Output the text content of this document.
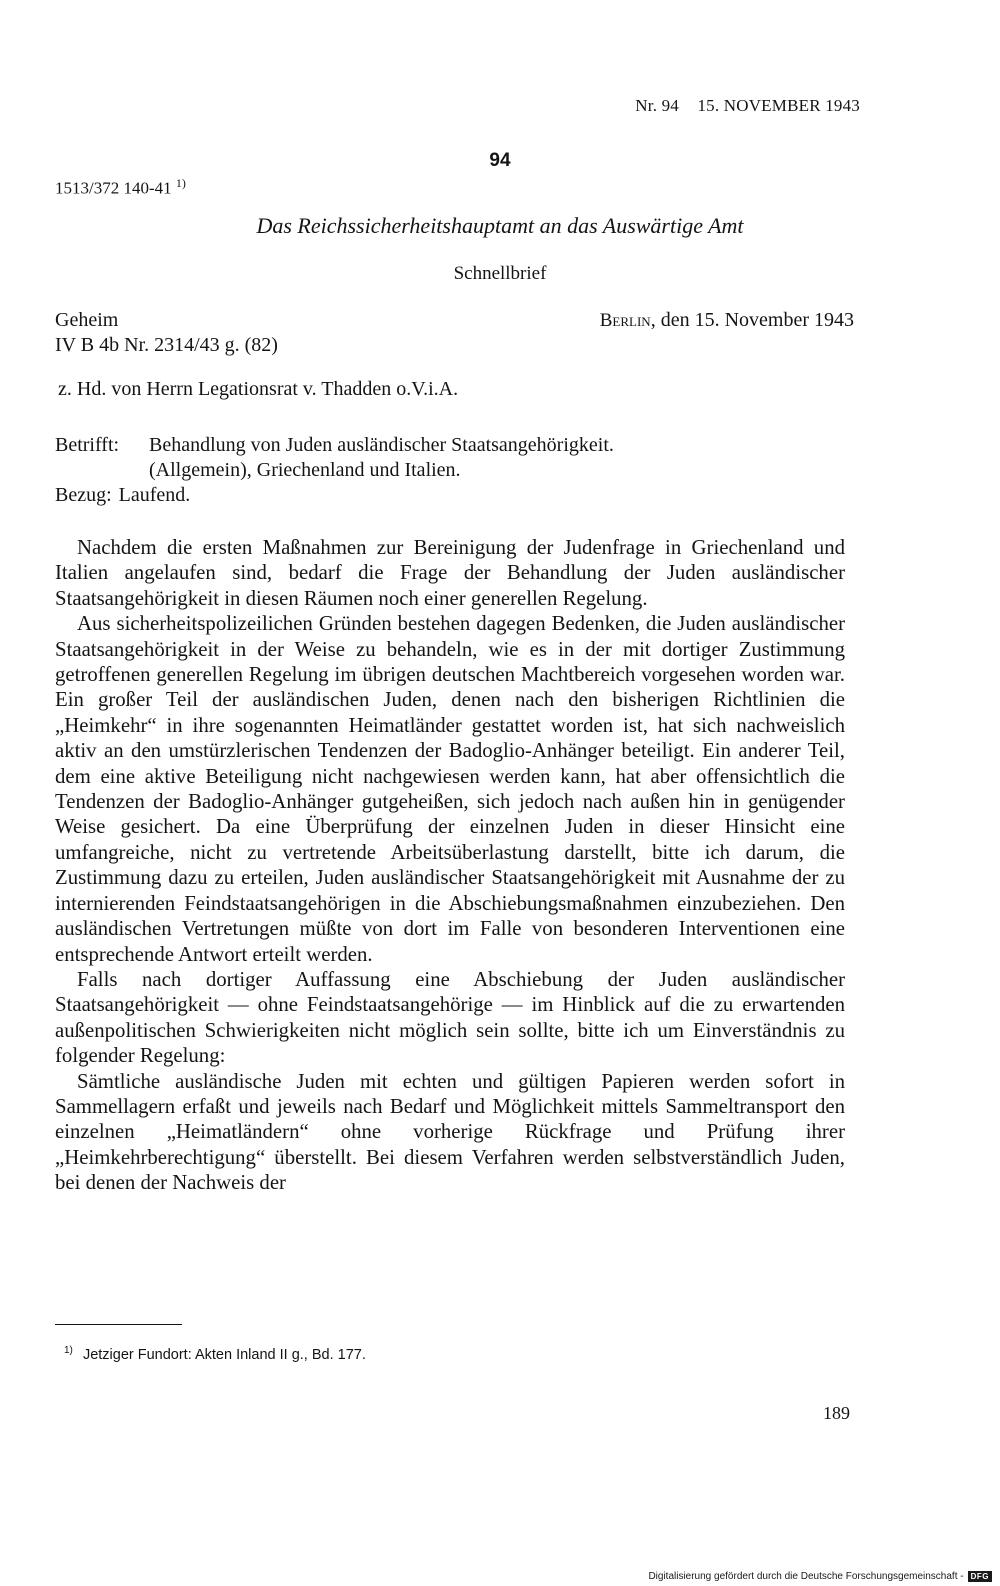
Nr. 94 15. NOVEMBER 1943
94
1513/372 140-41 $^{1)}$
Das Reichssicherheitshauptamt an das Auswärtige Amt
Schnellbrief
Geheim
IV B 4b Nr. 2314/43 g. (82)
Berlin, den 15. November 1943
z. Hd. von Herrn Legationsrat v. Thadden o.V.i.A.
Betrifft:	Behandlung von Juden ausländischer Staatsangehörigkeit.
(Allgemein), Griechenland und Italien.
Bezug: Laufend.

Nachdem die ersten Maßnahmen zur Bereinigung der Judenfrage in Griechenland und Italien angelaufen sind, bedarf die Frage der Behandlung der Juden ausländischer Staatsangehörigkeit in diesen Räumen noch einer generellen Regelung.

Aus sicherheitspolizeilichen Gründen bestehen dagegen Bedenken, die Juden ausländischer Staatsangehörigkeit in der Weise zu behandeln, wie es in der mit dortiger Zustimmung getroffenen generellen Regelung im übrigen deutschen Machtbereich vorgesehen worden war. Ein großer Teil der ausländischen Juden, denen nach den bisherigen Richtlinien die „Heimkehr“ in ihre sogenannten Heimatländer gestattet worden ist, hat sich nachweislich aktiv an den umstürzlerischen Tendenzen der Badoglio-Anhänger beteiligt. Ein anderer Teil, dem eine aktive Beteiligung nicht nachgewiesen werden kann, hat aber offensichtlich die Tendenzen der Badoglio-Anhänger gutgeheißen, sich jedoch nach außen hin in genügender Weise gesichert. Da eine Überprüfung der einzelnen Juden in dieser Hinsicht eine umfangreiche, nicht zu vertretende Arbeitsüberlastung darstellt, bitte ich darum, die Zustimmung dazu zu erteilen, Juden ausländischer Staatsangehörigkeit mit Ausnahme der zu internierenden Feindstaatsangehörigen in die Abschiebungsmaßnahmen einzubeziehen. Den ausländischen Vertretungen müßte von dort im Falle von besonderen Interventionen eine entsprechende Antwort erteilt werden.

Falls nach dortiger Auffassung eine Abschiebung der Juden ausländischer Staatsangehörigkeit — ohne Feindstaatsangehörige — im Hinblick auf die zu erwartenden außenpolitischen Schwierigkeiten nicht möglich sein sollte, bitte ich um Einverständnis zu folgender Regelung:

Sämtliche ausländische Juden mit echten und gültigen Papieren werden sofort in Sammellagern erfaßt und jeweils nach Bedarf und Möglichkeit mittels Sammeltransport den einzelnen „Heimatländern“ ohne vorherige Rückfrage und Prüfung ihrer „Heimkehrberechtigung“ überstellt. Bei diesem Verfahren werden selbstverständlich Juden, bei denen der Nachweis der

$^{1)}$ Jetziger Fundort: Akten Inland II g., Bd. 177.
189
Digitalisierung gefördert durch die Deutsche Forschungsgemeinschaft - DFG
